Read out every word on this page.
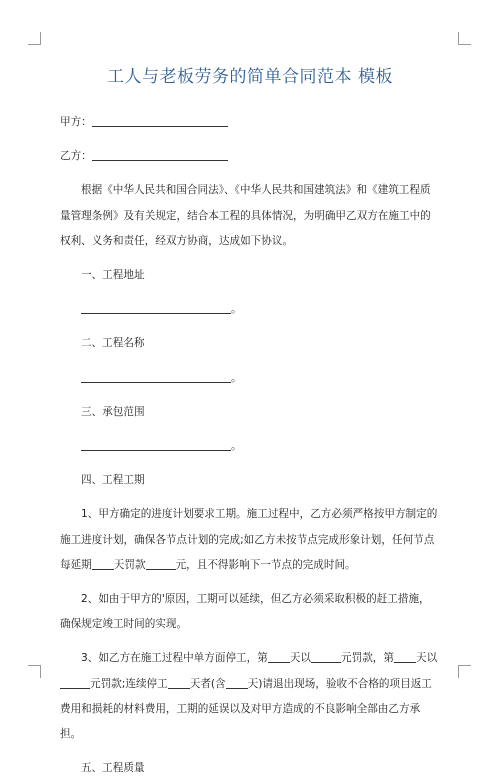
工人与老板劳务的简单合同范本 模板

甲方：

乙方：

根据《中华人民共和国合同法》、《中华人民共和国建筑法》和《建筑工程质量管理条例》及有关规定，结合本工程的具体情况，为明确甲乙双方在施工中的权利、义务和责任，经双方协商，达成如下协议。

一、工程地址

。

二、工程名称

。

三、承包范围

。

四、工程工期

1、甲方确定的进度计划要求工期。施工过程中，乙方必须严格按甲方制定的施工进度计划，确保各节点计划的完成;如乙方未按节点完成形象计划，任何节点每延期 天罚款	元，且不得影响下一节点的完成时间。

2、如由于甲方的'原因，工期可以延续，但乙方必须采取积极的赶工措施，确保规定竣工时间的实现。

3、如乙方在施工过程中单方面停工，第 天以	元罚款，第 天以元罚款;连续停工 天者(含 天)请退出现场，验收不合格的项目返工费用和损耗的材料费用，工期的延误以及对甲方造成的不良影响全部由乙方承担。

五、工程质量
